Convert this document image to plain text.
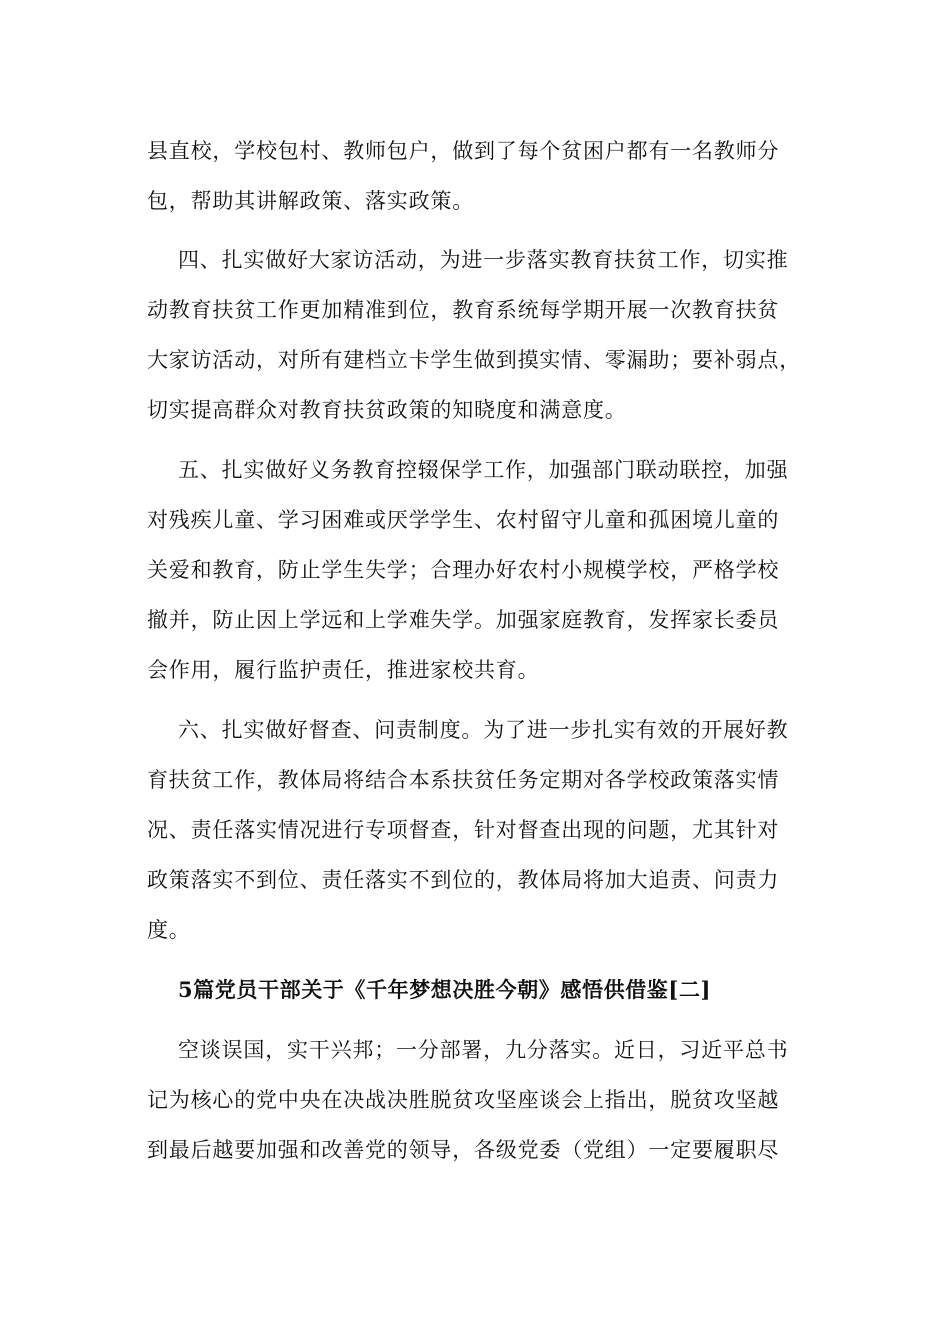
县直校，学校包村、教师包户，做到了每个贫困户都有一名教师分
包，帮助其讲解政策、落实政策。
四、扎实做好大家访活动，为进一步落实教育扶贫工作，切实推
动教育扶贫工作更加精准到位，教育系统每学期开展一次教育扶贫
大家访活动，对所有建档立卡学生做到摸实情、零漏助；要补弱点，
切实提高群众对教育扶贫政策的知晓度和满意度。
五、扎实做好义务教育控辍保学工作，加强部门联动联控，加强
对残疾儿童、学习困难或厌学学生、农村留守儿童和孤困境儿童的
关爱和教育，防止学生失学；合理办好农村小规模学校，严格学校
撤并，防止因上学远和上学难失学。加强家庭教育，发挥家长委员
会作用，履行监护责任，推进家校共育。
六、扎实做好督查、问责制度。为了进一步扎实有效的开展好教
育扶贫工作，教体局将结合本系扶贫任务定期对各学校政策落实情
况、责任落实情况进行专项督查，针对督查出现的问题，尤其针对
政策落实不到位、责任落实不到位的，教体局将加大追责、问责力
度。
5篇党员干部关于《千年梦想决胜今朝》感悟供借鉴[二]
空谈误国，实干兴邦；一分部署，九分落实。近日，习近平总书
记为核心的党中央在决战决胜脱贫攻坚座谈会上指出，脱贫攻坚越
到最后越要加强和改善党的领导，各级党委（党组）一定要履职尽
